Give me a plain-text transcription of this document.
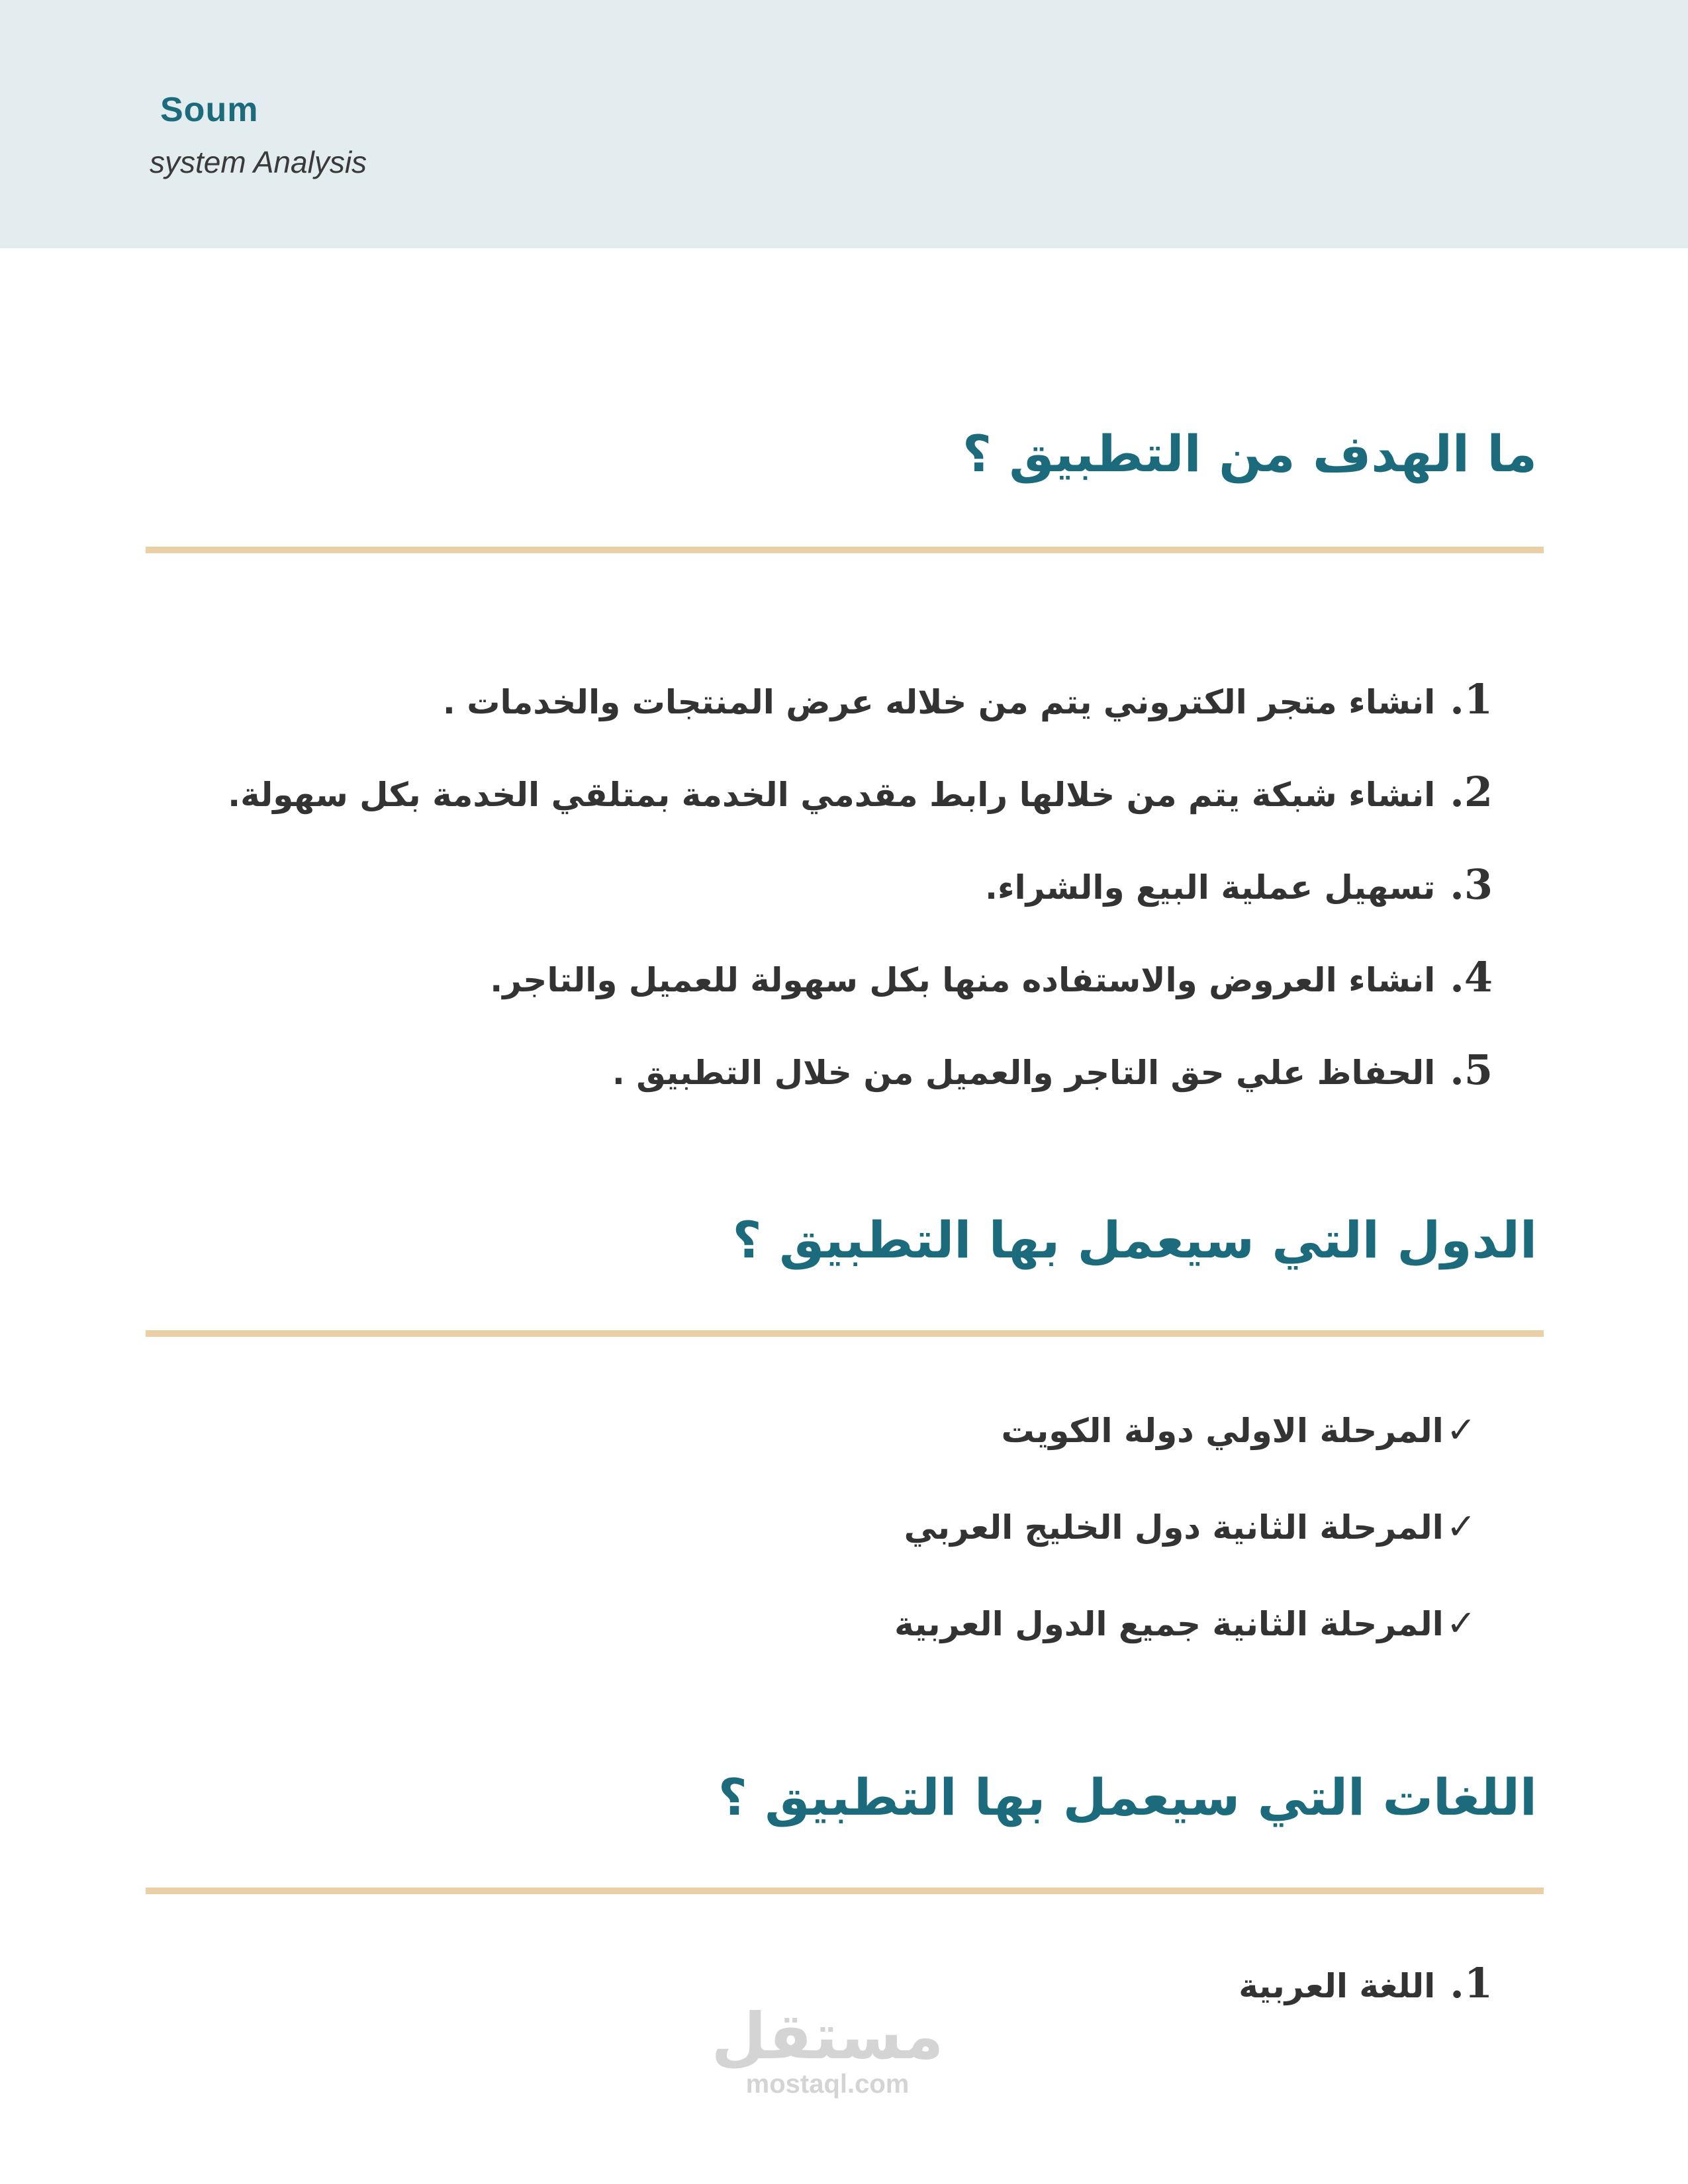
Soum
system Analysis
ما الهدف من التطبيق ؟
الدول التي سيعمل بها التطبيق ؟
اللغات التي سيعمل بها التطبيق ؟
1.انشاء متجر الكتروني يتم من خلاله عرض المنتجات والخدمات .
2.انشاء شبكة يتم من خلالها رابط مقدمي الخدمة بمتلقي الخدمة بكل سهولة.
3.تسهيل عملية البيع والشراء.
4.انشاء العروض والاستفاده منها بكل سهولة للعميل والتاجر.
5.الحفاظ علي حق التاجر والعميل من خلال التطبيق .
✓المرحلة الاولي دولة الكويت
✓المرحلة الثانية دول الخليج العربي
✓المرحلة الثانية جميع الدول العربية
1.اللغة العربية
مستقل
mostaql.com
